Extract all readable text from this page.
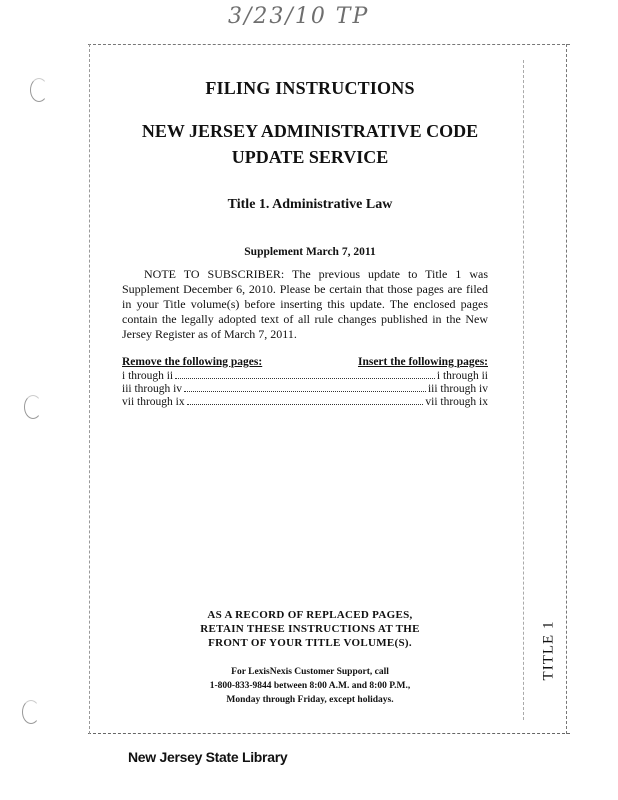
3/23/10 TP
FILING INSTRUCTIONS
NEW JERSEY ADMINISTRATIVE CODE
UPDATE SERVICE
Title 1. Administrative Law
Supplement March 7, 2011
NOTE TO SUBSCRIBER: The previous update to Title 1 was Supplement December 6, 2010. Please be certain that those pages are filed in your Title volume(s) before inserting this update. The enclosed pages contain the legally adopted text of all rule changes published in the New Jersey Register as of March 7, 2011.
Remove the following pages:	Insert the following pages:
i through ii	i through ii
iii through iv	iii through iv
vii through ix	vii through ix
AS A RECORD OF REPLACED PAGES,
RETAIN THESE INSTRUCTIONS AT THE
FRONT OF YOUR TITLE VOLUME(S).
For LexisNexis Customer Support, call
1-800-833-9844 between 8:00 A.M. and 8:00 P.M.,
Monday through Friday, except holidays.
TITLE 1
New Jersey State Library
